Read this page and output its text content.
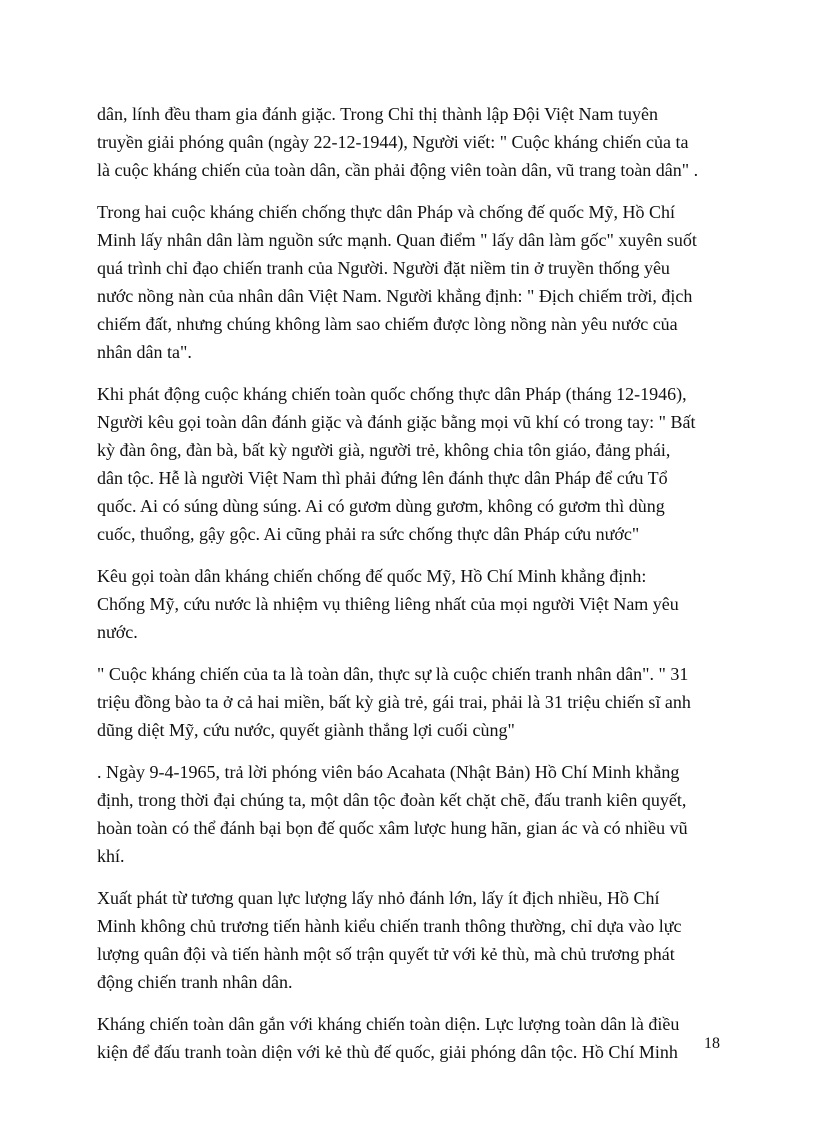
dân, lính đều tham gia đánh giặc. Trong Chỉ thị thành lập Đội Việt Nam tuyên
truyền giải phóng quân (ngày 22-12-1944), Người viết: " Cuộc kháng chiến của ta
là cuộc kháng chiến của toàn dân, cần phải động viên toàn dân, vũ trang toàn dân" .

Trong hai cuộc kháng chiến chống thực dân Pháp và chống đế quốc Mỹ, Hồ Chí
Minh lấy nhân dân làm nguồn sức mạnh. Quan điểm " lấy dân làm gốc" xuyên suốt
quá trình chỉ đạo chiến tranh của Người. Người đặt niềm tin ở truyền thống yêu
nước nồng nàn của nhân dân Việt Nam. Người khẳng định: " Địch chiếm trời, địch
chiếm đất, nhưng chúng không làm sao chiếm được lòng nồng nàn yêu nước của
nhân dân ta".

Khi phát động cuộc kháng chiến toàn quốc chống thực dân Pháp (tháng 12-1946),
Người kêu gọi toàn dân đánh giặc và đánh giặc bằng mọi vũ khí có trong tay: " Bất
kỳ đàn ông, đàn bà, bất kỳ người già, người trẻ, không chia tôn giáo, đảng phái,
dân tộc. Hễ là người Việt Nam thì phải đứng lên đánh thực dân Pháp để cứu Tổ
quốc. Ai có súng dùng súng. Ai có gươm dùng gươm, không có gươm thì dùng
cuốc, thuổng, gậy gộc. Ai cũng phải ra sức chống thực dân Pháp cứu nước"

Kêu gọi toàn dân kháng chiến chống đế quốc Mỹ, Hồ Chí Minh khẳng định:
Chống Mỹ, cứu nước là nhiệm vụ thiêng liêng nhất của mọi người Việt Nam yêu
nước.

" Cuộc kháng chiến của ta là toàn dân, thực sự là cuộc chiến tranh nhân dân". " 31
triệu đồng bào ta ở cả hai miền, bất kỳ già trẻ, gái trai, phải là 31 triệu chiến sĩ anh
dũng diệt Mỹ, cứu nước, quyết giành thắng lợi cuối cùng"

. Ngày 9-4-1965, trả lời phóng viên báo Acahata (Nhật Bản) Hồ Chí Minh khẳng
định, trong thời đại chúng ta, một dân tộc đoàn kết chặt chẽ, đấu tranh kiên quyết,
hoàn toàn có thể đánh bại bọn đế quốc xâm lược hung hãn, gian ác và có nhiều vũ
khí.

Xuất phát từ tương quan lực lượng lấy nhỏ đánh lớn, lấy ít địch nhiều, Hồ Chí
Minh không chủ trương tiến hành kiểu chiến tranh thông thường, chỉ dựa vào lực
lượng quân đội và tiến hành một số trận quyết tử với kẻ thù, mà chủ trương phát
động chiến tranh nhân dân.

Kháng chiến toàn dân gắn với kháng chiến toàn diện. Lực lượng toàn dân là điều
kiện để đấu tranh toàn diện với kẻ thù đế quốc, giải phóng dân tộc. Hồ Chí Minh	18
